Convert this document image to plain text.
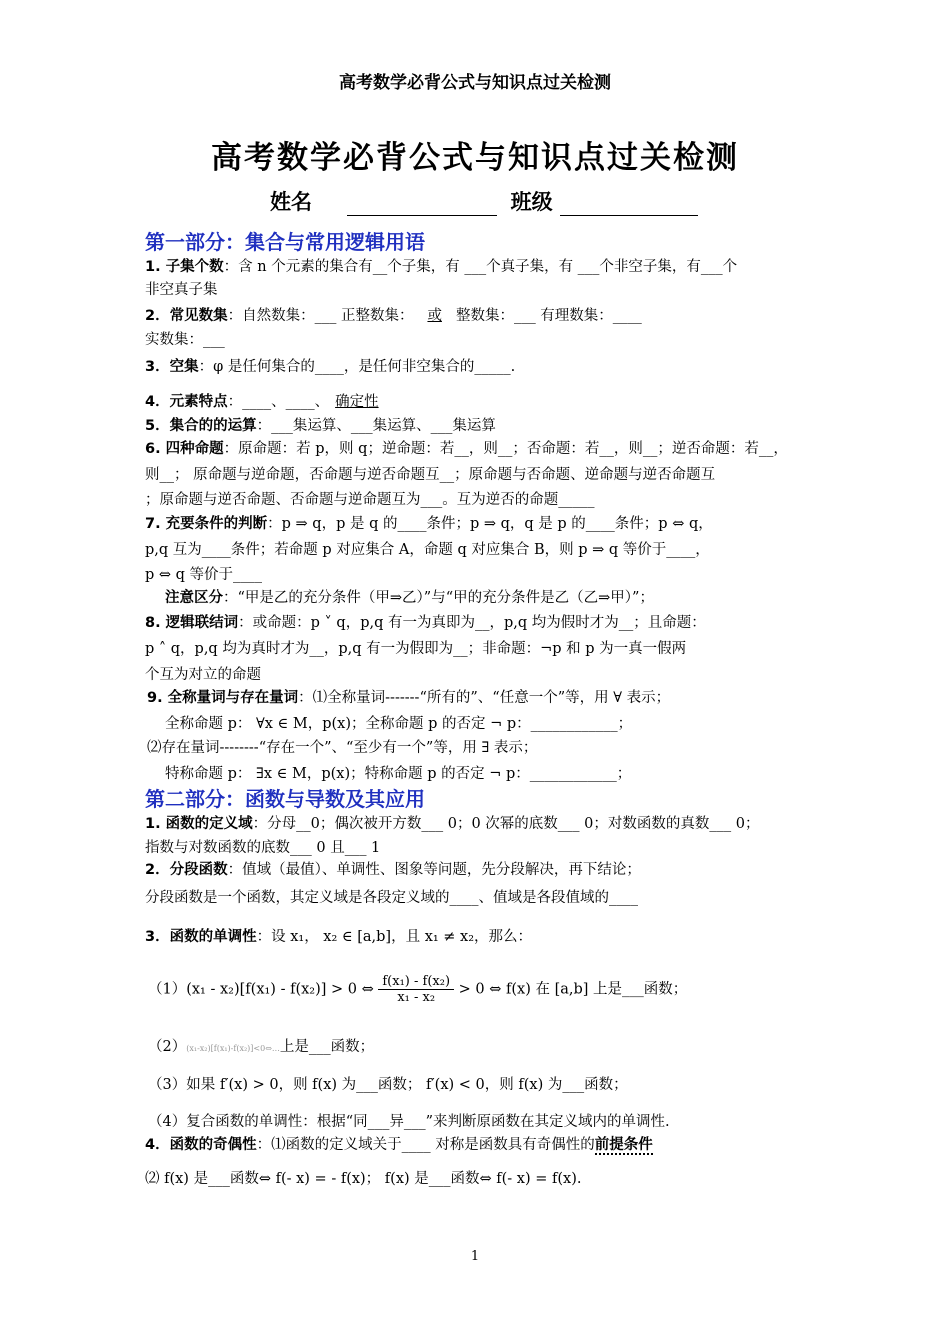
高考数学必背公式与知识点过关检测
高考数学必背公式与知识点过关检测
姓名	班级
第一部分：集合与常用逻辑用语
1. 子集个数：含 n 个元素的集合有__个子集，有 ___个真子集，有 ___个非空子集，有___个
非空真子集
2．常见数集：自然数集：___ 正整数集： 或 整数集：___ 有理数集：____
实数集：___
3．空集：φ 是任何集合的____，是任何非空集合的_____.
4．元素特点：____、____、 确定性
5．集合的的运算：___集运算、___集运算、___集运算
6. 四种命题：原命题：若 p，则 q；逆命题：若__，则__；否命题：若__，则__；逆否命题：若__，
则__； 原命题与逆命题，否命题与逆否命题互__；原命题与否命题、逆命题与逆否命题互
；原命题与逆否命题、否命题与逆命题互为___。互为逆否的命题_____
7. 充要条件的判断：p ⇒ q，p 是 q 的____条件；p ⇒ q，q 是 p 的____条件；p ⇔ q，
p,q 互为____条件；若命题 p 对应集合 A，命题 q 对应集合 B，则 p ⇒ q 等价于____，
p ⇔ q 等价于____
注意区分：“甲是乙的充分条件（甲⇒乙）”与“甲的充分条件是乙（乙⇒甲）”；
8. 逻辑联结词：或命题：p ˅ q，p,q 有一为真即为__，p,q 均为假时才为__；且命题：
p ˄ q，p,q 均为真时才为__，p,q 有一为假即为__；非命题：¬p 和 p 为一真一假两
个互为对立的命题
9. 全称量词与存在量词：⑴全称量词-------“所有的”、“任意一个”等，用 ∀ 表示；
全称命题 p： ∀x ∈ M，p(x)；全称命题 p 的否定 ¬ p：____________；
⑵存在量词--------“存在一个”、“至少有一个”等，用 ∃ 表示；
特称命题 p： ∃x ∈ M，p(x)；特称命题 p 的否定 ¬ p：____________；
第二部分：函数与导数及其应用
1. 函数的定义域：分母__0；偶次被开方数___ 0；0 次幂的底数___ 0；对数函数的真数___ 0；
指数与对数函数的底数___ 0 且___ 1
2．分段函数：值域（最值）、单调性、图象等问题，先分段解决，再下结论；
分段函数是一个函数，其定义域是各段定义域的____、值域是各段值域的____
3．函数的单调性：设 x₁， x₂ ∈ [a,b]，且 x₁ ≠ x₂，那么：
（1）(x₁ - x₂)[f(x₁) - f(x₂)] > 0 ⇔ $\frac{\text{f(x₁) - f(x₂)}}{\text{x₁ - x₂}} > 0$ ⇔ f(x) 在 [a,b] 上是___函数；
（2）(x₁-x₂)[f(x₁)-f(x₂)]<0⇔…上是___函数；
（3）如果 f′(x) > 0，则 f(x) 为___函数； f′(x) < 0，则 f(x) 为___函数；
（4）复合函数的单调性：根据“同___异___”来判断原函数在其定义域内的单调性.
4．函数的奇偶性：⑴函数的定义域关于____ 对称是函数具有奇偶性的前提条件
⑵ f(x) 是___函数⇔ f(- x) = - f(x)； f(x) 是___函数⇔ f(- x) = f(x).
1
